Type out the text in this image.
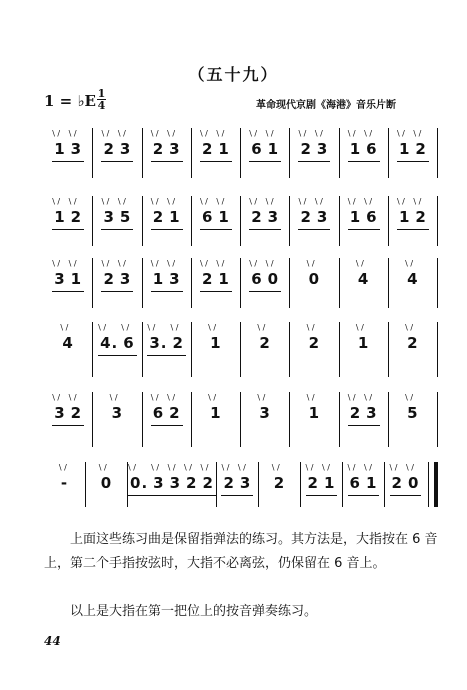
（五十九）
1 = ♭E 1
4	革命现代京剧《海港》音乐片断
\ / 1 \ / 3 \ / 2 \ / 3 \ / 2 \ / 3 \ / 2 \ / 1 \ / 6 \ / 1 \ / 2 \ / 3 \ / 1 \ / 6 \ / 1 \ / 2
\ / 1 \ / 2 \ / 3 \ / 5 \ / 2 \ / 1 \ / 6 \ / 1 \ / 2 \ / 3 \ / 2 \ / 3 \ / 1 \ / 6 \ / 1 \ / 2
\ / 3 \ / 1 \ / 2 \ / 3 \ / 1 \ / 3 \ / 2 \ / 1 \ / 6 \ / 0 \ / 0	\ / 4	\ / 4
\ / 4 \ / 4. \ / 6 \ / 3. \ / 2 \ / 1	\ / 2	\ / 2	\ / 1	\ / 2
\ / 3 \ / 2 \ / 3 \ / 6 \ / 2 \ / 1	\ / 3	\ / 1 \ / 2 \ / 3 \ / 5
\ / - \ / 0 \ / 0. \ / 3 \ / 3 \ / 2 \ / 2 \ / 2 \ / 3 \ / 2 \ / 2 \ / 1 \ / 6 \ / 1 \ / 2 \ / 0
上面这些练习曲是保留指弹法的练习。其方法是，大指按在 6 音上，第二个手指按弦时，大指不必离弦，仍保留在 6 音上。
以上是大指在第一把位上的按音弹奏练习。
44
